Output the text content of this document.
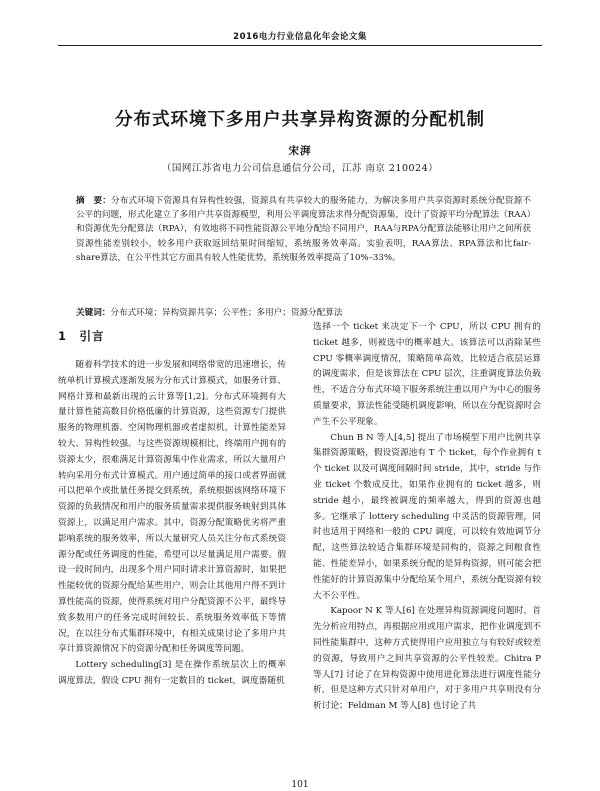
2016电力行业信息化年会论文集
分布式环境下多用户共享异构资源的分配机制
宋湃
（国网江苏省电力公司信息通信分公司，江苏 南京 210024）
摘　要：分布式环境下资源具有异构性较强，资源具有共享较大的服务能力，为解决多用户共享资源时系统分配资源不公平的问题，形式化建立了多用户共享资源模型，利用公平调度算法求得分配资源集，设计了资源平均分配算法（RAA）和资源优先分配算法（RPA），有效地将不同性能资源公平地分配给不同用户，RAA与RPA分配算法能够让用户之间所获资源性能差别较小，较多用户获取返回结果时间缩短，系统服务效率高。实验表明，RAA算法、RPA算法和比fair-share算法，在公平性其它方面具有较人性能优势，系统服务效率提高了10%–33%。
关键词：分布式环境；异构资源共享；公平性；多用户；资源分配算法
1　引言

随着科学技术的进一步发展和网络带宽的迅速增长，传统单机计算模式逐渐发展为分布式计算模式，如服务计算、网格计算和最新出现的云计算等[1,2]。分布式环境拥有大量计算性能高数目价格低廉的计算资源，这些资源专门提供服务的物理机器、空闲物理机器或者虚拟机，计算性能差异较大、异构性较强。与这些资源规模相比，终端用户拥有的资源太少，很难满足计算资源集中作业需求，所以大量用户转向采用分布式计算模式。用户通过简单的接口或者界面就可以把单个或批量任务提交到系统，系统根据该网络环境下资源的负载情况和用户的服务质量需求提供服务映射到具体资源上，以满足用户需求。其中，资源分配策略优劣将严重影响系统的服务效率，所以大量研究人员关注分布式系统资源分配或任务调度的性能，希望可以尽量满足用户需要。假设一段时间内，出现多个用户同时请求计算资源时，如果把性能较优的资源分配给某些用户，则会让其他用户得不到计算性能高的资源，使得系统对用户分配资源不公平，最终导致多数用户的任务完成时间较长、系统服务效率低下等情况，在以往分布式集群环境中，有相关成果讨论了多用户共享计算资源情况下的资源分配和任务调度等问题。

Lottery scheduling[3] 是在操作系统层次上的概率调度算法，假设 CPU 拥有一定数目的 ticket，调度器随机

选择一个 ticket 来决定下一个 CPU，所以 CPU 拥有的 ticket 越多，则被选中的概率越大。该算法可以消除某些 CPU 零概率调度情况，策略简单高效，比较适合底层运算的调度需求，但是该算法在 CPU 层次，注重调度算法负载性，不适合分布式环境下服务系统注重以用户为中心的服务质量要求，算法性能受随机调度影响，所以在分配资源时会产生不公平现象。

Chun B N 等人[4,5] 提出了市场模型下用户比例共享集群资源策略，假设资源池有 T 个 ticket，每个作业拥有 t 个 ticket 以及可调度间隔时间 stride，其中，stride 与作业 ticket 个数成反比，如果作业拥有的 ticket 越多，则 stride 越小，最终被调度的频率越大，得到的资源也越多。它继承了 lottery scheduling 中灵活的资源管理，同时也适用于网络和一般的 CPU 调度，可以较有效地调节分配，这些算法较适合集群环境是同构的，资源之间粮食性能、性能差异小，如果系统分配的是异构资源，则可能会把性能好的计算资源集中分配给某个用户，系统分配资源有较大不公平性。

Kapoor N K 等人[6] 在处理异构资源调度问题时，首先分析应用特点，再根据应用或用户需求，把作业调度到不同性能集群中，这种方式使得用户应用独立与有较好或较差的资源，导致用户之间共享资源的公平性较差。Chitra P 等人[7] 讨论了在异构资源中使用进化算法进行调度性能分析，但是这种方式只针对单用户，对于多用户共享则没有分析讨论；Feldman M 等人[8] 也讨论了共

101
